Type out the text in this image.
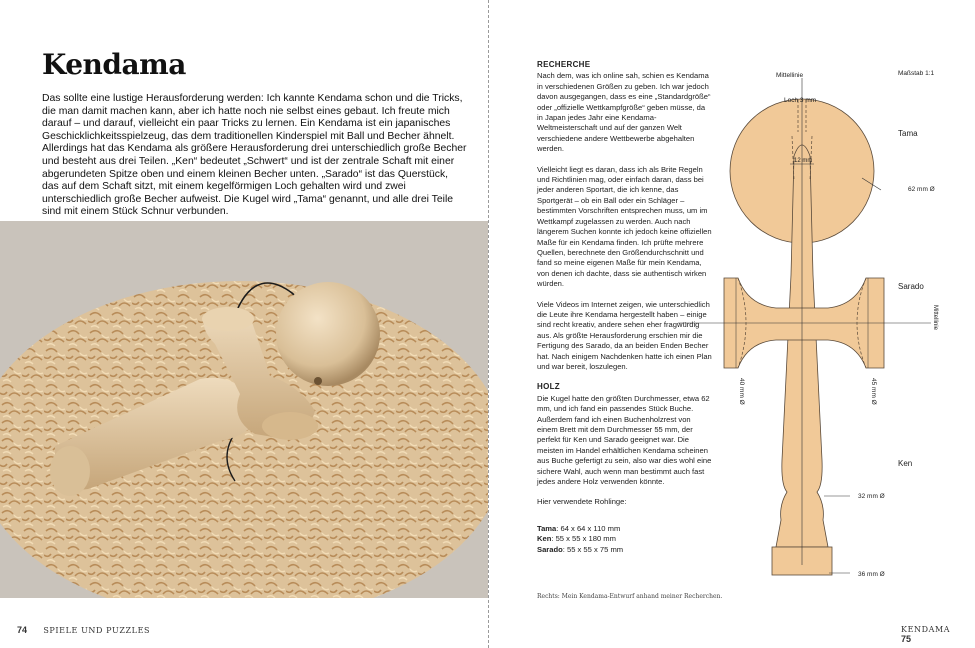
Kendama

Das sollte eine lustige Herausforderung werden: Ich kannte Kendama schon und die Tricks, die man damit machen kann, aber ich hatte noch nie selbst eines gebaut. Ich freute mich darauf – und darauf, vielleicht ein paar Tricks zu lernen. Ein Kendama ist ein japanisches Geschicklichkeitsspielzeug, das dem traditionellen Kinderspiel mit Ball und Becher ähnelt. Allerdings hat das Kendama als größere Herausforderung drei unterschiedlich große Becher und besteht aus drei Teilen. „Ken“ bedeutet „Schwert“ und ist der zentrale Schaft mit einer abgerundeten Spitze oben und einem kleinen Becher unten. „Sarado“ ist das Querstück, das auf dem Schaft sitzt, mit einem kegelförmigen Loch gehalten wird und zwei unterschiedlich große Becher aufweist. Die Kugel wird „Tama“ genannt, und alle drei Teile sind mit einem Stück Schnur verbunden.

74 SPIELE UND PUZZLES
RECHERCHE

Nach dem, was ich online sah, schien es Kendama in verschiedenen Größen zu geben. Ich war jedoch davon ausgegangen, dass es eine „Standardgröße“ oder „offizielle Wettkampfgröße“ geben müsse, da in Japan jedes Jahr eine Kendama-Weltmeisterschaft und auf der ganzen Welt verschiedene andere Wettbewerbe abgehalten werden.

Vielleicht liegt es daran, dass ich als Brite Regeln und Richtlinien mag, oder einfach daran, dass bei jeder anderen Sportart, die ich kenne, das Sportgerät – ob ein Ball oder ein Schläger – bestimmten Vorschriften entsprechen muss, um im Wettkampf zugelassen zu werden. Auch nach längerem Suchen konnte ich jedoch keine offiziellen Maße für ein Kendama finden. Ich prüfte mehrere Quellen, berechnete den Größendurchschnitt und fand so meine eigenen Maße für mein Kendama, von denen ich dachte, dass sie authentisch wirken würden.

Viele Videos im Internet zeigen, wie unterschiedlich die Leute ihre Kendama hergestellt haben – einige sind recht kreativ, andere sehen eher fragwürdig aus. Als größte Herausforderung erschien mir die Fertigung des Sarado, da an beiden Enden Becher hat. Nach einigem Nachdenken hatte ich einen Plan und war bereit, loszulegen.

HOLZ

Die Kugel hatte den größten Durchmesser, etwa 62 mm, und ich fand ein passendes Stück Buche. Außerdem fand ich einen Buchenholzrest von einem Brett mit dem Durchmesser 55 mm, der perfekt für Ken und Sarado geeignet war. Die meisten im Handel erhältlichen Kendama scheinen aus Buche gefertigt zu sein, also war dies wohl eine sichere Wahl, auch wenn man bestimmt auch fast jedes andere Holz verwenden könnte.

Hier verwendete Rohlinge:

Tama: 64 x 64 x 110 mm

Ken: 55 x 55 x 180 mm

Sarado: 55 x 55 x 75 mm

Rechts: Mein Kendama-Entwurf anhand meiner Recherchen.
Mittellinie	Maßstab 1:1
Loch 3 mm
Tama
12 mm
62 mm Ø
Sarado
Mittellinie
40 mm Ø	45 mm Ø
Ken
32 mm Ø
36 mm Ø
KENDAMA  75
